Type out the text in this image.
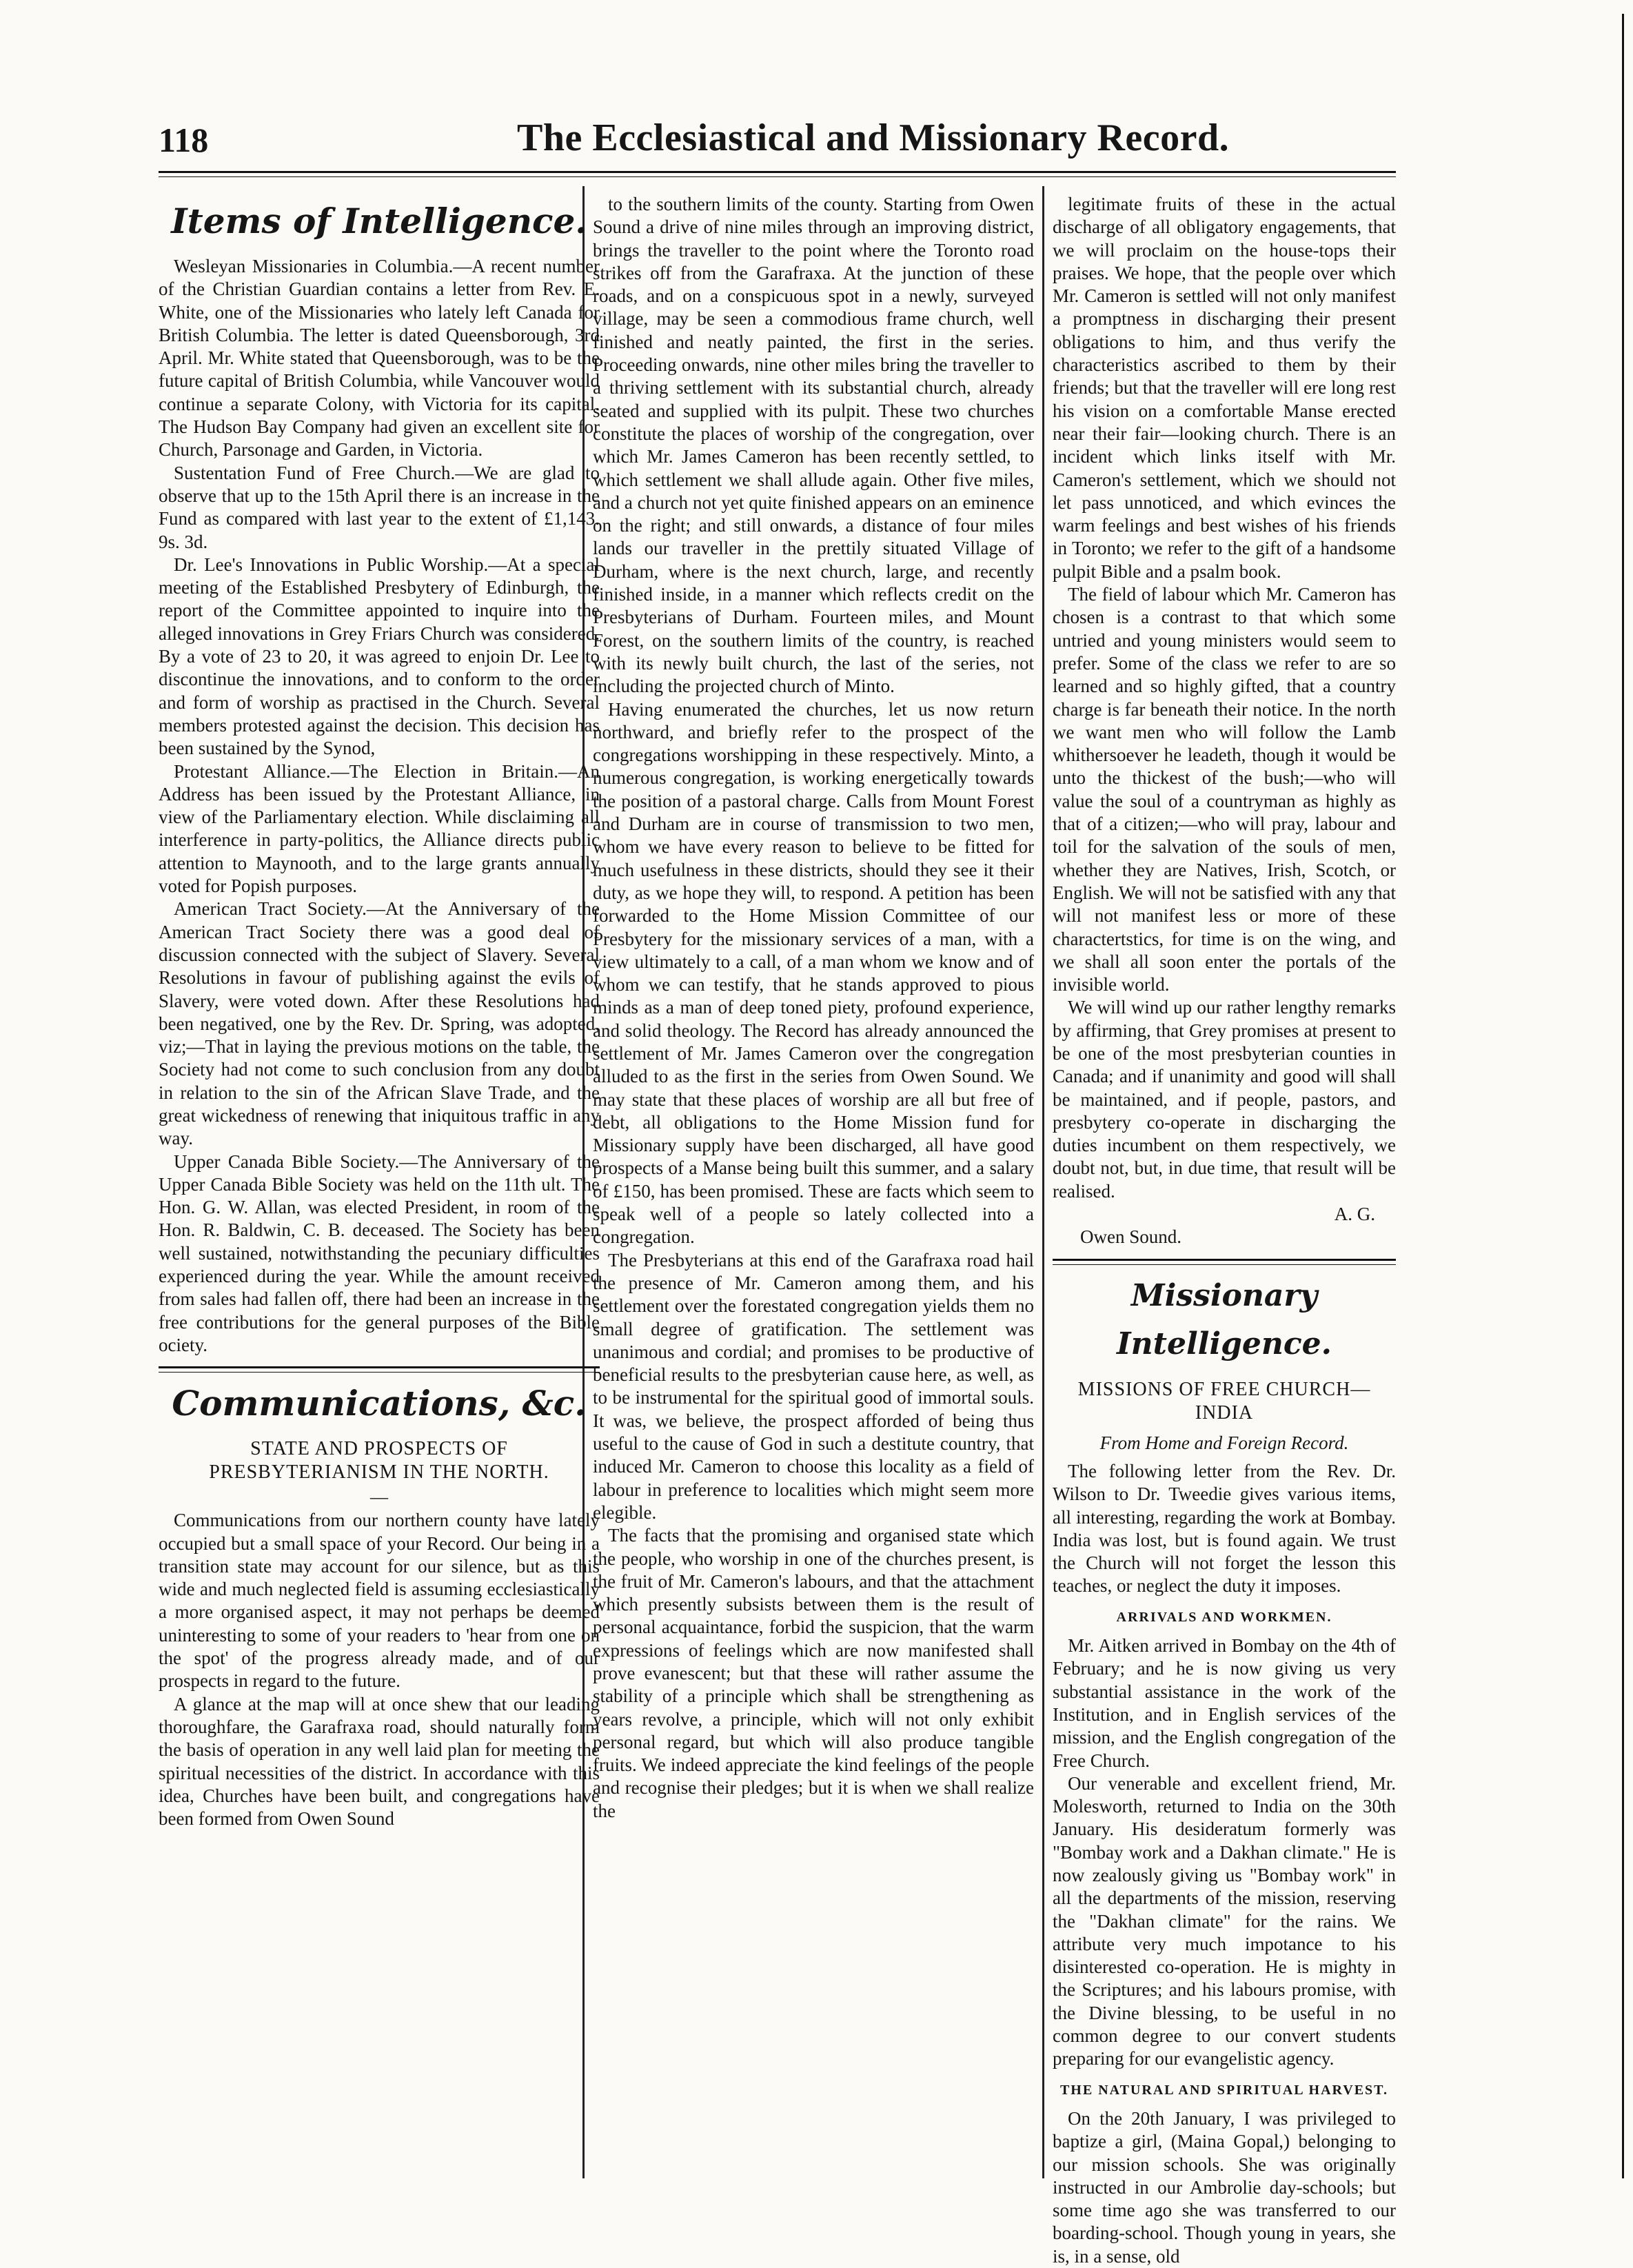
118	The Ecclesiastical and Missionary Record.
Items of Intelligence.

Wesleyan Missionaries in Columbia.—A recent number of the Christian Guardian contains a letter from Rev. E. White, one of the Missionaries who lately left Canada for British Columbia. The letter is dated Queensborough, 3rd April. Mr. White stated that Queensborough, was to be the future capital of British Columbia, while Vancouver would continue a separate Colony, with Victoria for its capital. The Hudson Bay Company had given an excellent site for Church, Parsonage and Garden, in Victoria.

Sustentation Fund of Free Church.—We are glad to observe that up to the 15th April there is an increase in the Fund as compared with last year to the extent of £1,143. 9s. 3d.

Dr. Lee's Innovations in Public Worship.—At a special meeting of the Established Presbytery of Edinburgh, the report of the Committee appointed to inquire into the alleged innovations in Grey Friars Church was considered. By a vote of 23 to 20, it was agreed to enjoin Dr. Lee to discontinue the innovations, and to conform to the order and form of worship as practised in the Church. Several members protested against the decision. This decision has been sustained by the Synod,

Protestant Alliance.—The Election in Britain.—An Address has been issued by the Protestant Alliance, in view of the Parliamentary election. While disclaiming all interference in party-politics, the Alliance directs public attention to Maynooth, and to the large grants annually voted for Popish purposes.

American Tract Society.—At the Anniversary of the American Tract Society there was a good deal of discussion connected with the subject of Slavery. Several Resolutions in favour of publishing against the evils of Slavery, were voted down. After these Resolutions had been negatived, one by the Rev. Dr. Spring, was adopted, viz;—That in laying the previous motions on the table, the Society had not come to such conclusion from any doubt in relation to the sin of the African Slave Trade, and the great wickedness of renewing that iniquitous traffic in any way.

Upper Canada Bible Society.—The Anniversary of the Upper Canada Bible Society was held on the 11th ult. The Hon. G. W. Allan, was elected President, in room of the Hon. R. Baldwin, C. B. deceased. The Society has been well sustained, notwithstanding the pecuniary difficulties experienced during the year. While the amount received from sales had fallen off, there had been an increase in the free contributions for the general purposes of the Bible ociety.

Communications, &c.
STATE AND PROSPECTS OF PRESBYTERIANISM IN THE NORTH.
—

Communications from our northern county have lately occupied but a small space of your Record. Our being in a transition state may account for our silence, but as this wide and much neglected field is assuming ecclesiastically a more organised aspect, it may not perhaps be deemed uninteresting to some of your readers to 'hear from one on the spot' of the progress already made, and of our prospects in regard to the future.

A glance at the map will at once shew that our leading thoroughfare, the Garafraxa road, should naturally form the basis of operation in any well laid plan for meeting the spiritual necessities of the district. In accordance with this idea, Churches have been built, and congregations have been formed from Owen Sound

to the southern limits of the county. Starting from Owen Sound a drive of nine miles through an improving district, brings the traveller to the point where the Toronto road strikes off from the Garafraxa. At the junction of these roads, and on a conspicuous spot in a newly, surveyed village, may be seen a commodious frame church, well finished and neatly painted, the first in the series. Proceeding onwards, nine other miles bring the traveller to a thriving settlement with its substantial church, already seated and supplied with its pulpit. These two churches constitute the places of worship of the congregation, over which Mr. James Cameron has been recently settled, to which settlement we shall allude again. Other five miles, and a church not yet quite finished appears on an eminence on the right; and still onwards, a distance of four miles lands our traveller in the prettily situated Village of Durham, where is the next church, large, and recently finished inside, in a manner which reflects credit on the Presbyterians of Durham. Fourteen miles, and Mount Forest, on the southern limits of the country, is reached with its newly built church, the last of the series, not including the projected church of Minto.

Having enumerated the churches, let us now return northward, and briefly refer to the prospect of the congregations worshipping in these respectively. Minto, a numerous congregation, is working energetically towards the position of a pastoral charge. Calls from Mount Forest and Durham are in course of transmission to two men, whom we have every reason to believe to be fitted for much usefulness in these districts, should they see it their duty, as we hope they will, to respond. A petition has been forwarded to the Home Mission Committee of our Presbytery for the missionary services of a man, with a view ultimately to a call, of a man whom we know and of whom we can testify, that he stands approved to pious minds as a man of deep toned piety, profound experience, and solid theology. The Record has already announced the settlement of Mr. James Cameron over the congregation alluded to as the first in the series from Owen Sound. We may state that these places of worship are all but free of debt, all obligations to the Home Mission fund for Missionary supply have been discharged, all have good prospects of a Manse being built this summer, and a salary of £150, has been promised. These are facts which seem to speak well of a people so lately collected into a congregation.

The Presbyterians at this end of the Garafraxa road hail the presence of Mr. Cameron among them, and his settlement over the forestated congregation yields them no small degree of gratification. The settlement was unanimous and cordial; and promises to be productive of beneficial results to the presbyterian cause here, as well, as to be instrumental for the spiritual good of immortal souls. It was, we believe, the prospect afforded of being thus useful to the cause of God in such a destitute country, that induced Mr. Cameron to choose this locality as a field of labour in preference to localities which might seem more elegible.

The facts that the promising and organised state which the people, who worship in one of the churches present, is the fruit of Mr. Cameron's labours, and that the attachment which presently subsists between them is the result of personal acquaintance, forbid the suspicion, that the warm expressions of feelings which are now manifested shall prove evanescent; but that these will rather assume the stability of a principle which shall be strengthening as years revolve, a principle, which will not only exhibit personal regard, but which will also produce tangible fruits. We indeed appreciate the kind feelings of the people and recognise their pledges; but it is when we shall realize the

legitimate fruits of these in the actual discharge of all obligatory engagements, that we will proclaim on the house-tops their praises. We hope, that the people over which Mr. Cameron is settled will not only manifest a promptness in discharging their present obligations to him, and thus verify the characteristics ascribed to them by their friends; but that the traveller will ere long rest his vision on a comfortable Manse erected near their fair—looking church. There is an incident which links itself with Mr. Cameron's settlement, which we should not let pass unnoticed, and which evinces the warm feelings and best wishes of his friends in Toronto; we refer to the gift of a handsome pulpit Bible and a psalm book.

The field of labour which Mr. Cameron has chosen is a contrast to that which some untried and young ministers would seem to prefer. Some of the class we refer to are so learned and so highly gifted, that a country charge is far beneath their notice. In the north we want men who will follow the Lamb whithersoever he leadeth, though it would be unto the thickest of the bush;—who will value the soul of a countryman as highly as that of a citizen;—who will pray, labour and toil for the salvation of the souls of men, whether they are Natives, Irish, Scotch, or English. We will not be satisfied with any that will not manifest less or more of these charactertstics, for time is on the wing, and we shall all soon enter the portals of the invisible world.

We will wind up our rather lengthy remarks by affirming, that Grey promises at present to be one of the most presbyterian counties in Canada; and if unanimity and good will shall be maintained, and if people, pastors, and presbytery co-operate in discharging the duties incumbent on them respectively, we doubt not, but, in due time, that result will be realised.

A. G.

Owen Sound.

Missionary Intelligence.
MISSIONS OF FREE CHURCH—INDIA
From Home and Foreign Record.

The following letter from the Rev. Dr. Wilson to Dr. Tweedie gives various items, all interesting, regarding the work at Bombay. India was lost, but is found again. We trust the Church will not forget the lesson this teaches, or neglect the duty it imposes.

ARRIVALS AND WORKMEN.

Mr. Aitken arrived in Bombay on the 4th of February; and he is now giving us very substantial assistance in the work of the Institution, and in English services of the mission, and the English congregation of the Free Church.

Our venerable and excellent friend, Mr. Molesworth, returned to India on the 30th January. His desideratum formerly was "Bombay work and a Dakhan climate." He is now zealously giving us "Bombay work" in all the departments of the mission, reserving the "Dakhan climate" for the rains. We attribute very much impotance to his disinterested co-operation. He is mighty in the Scriptures; and his labours promise, with the Divine blessing, to be useful in no common degree to our convert students preparing for our evangelistic agency.

THE NATURAL AND SPIRITUAL HARVEST.

On the 20th January, I was privileged to baptize a girl, (Maina Gopal,) belonging to our mission schools. She was originally instructed in our Ambrolie day-schools; but some time ago she was transferred to our boarding-school. Though young in years, she is, in a sense, old
